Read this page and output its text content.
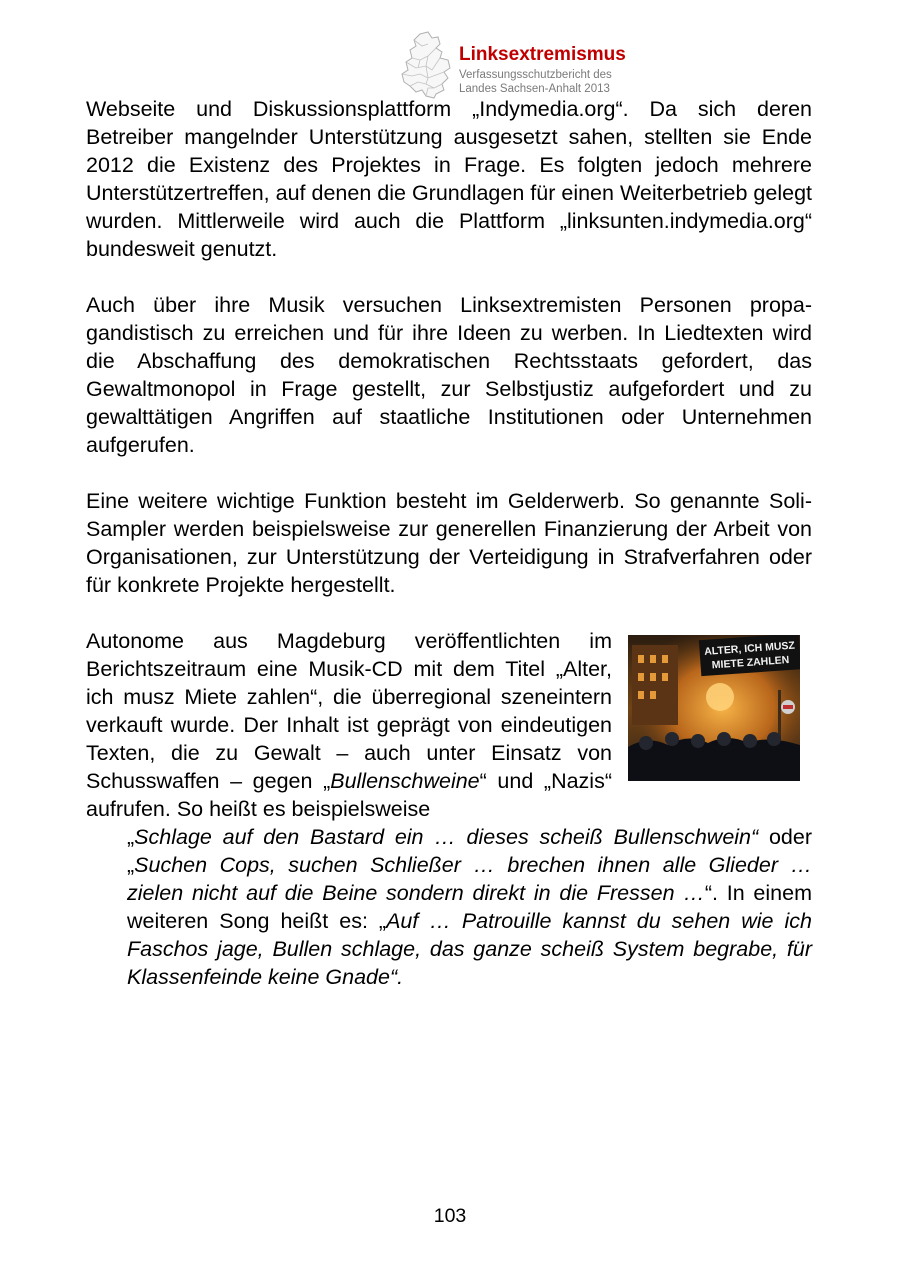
Linksextremismus
Verfassungsschutzbericht des
Landes Sachsen-Anhalt 2013

Webseite und Diskussionsplattform „Indymedia.org“. Da sich deren Betreiber mangelnder Unterstützung ausgesetzt sahen, stellten sie Ende 2012 die Existenz des Projektes in Frage. Es folgten jedoch mehrere Unterstützertreffen, auf denen die Grundlagen für einen Weiterbetrieb gelegt wurden. Mittlerweile wird auch die Plattform „linksunten.indymedia.org“ bundesweit genutzt.

Auch über ihre Musik versuchen Linksextremisten Personen propagandistisch zu erreichen und für ihre Ideen zu werben. In Liedtexten wird die Abschaffung des demokratischen Rechtsstaats gefordert, das Gewaltmonopol in Frage gestellt, zur Selbstjustiz aufgefordert und zu gewalttätigen Angriffen auf staatliche Institutionen oder Unternehmen aufgerufen.

Eine weitere wichtige Funktion besteht im Gelderwerb. So genannte Soli-Sampler werden beispielsweise zur generellen Finanzierung der Arbeit von Organisationen, zur Unterstützung der Verteidigung in Strafverfahren oder für konkrete Projekte hergestellt.

ALTER, ICH MUSZ
MIETE ZAHLEN

Autonome aus Magdeburg veröffentlichten im Berichtszeitraum eine Musik-CD mit dem Titel „Alter, ich musz Miete zahlen“, die überregional szeneintern verkauft wurde. Der Inhalt ist geprägt von eindeutigen Texten, die zu Gewalt – auch unter Einsatz von Schusswaffen – gegen „Bullenschweine“ und „Nazis“ aufrufen. So heißt es beispielsweise

„Schlage auf den Bastard ein … dieses scheiß Bullenschwein“ oder „Suchen Cops, suchen Schließer … brechen ihnen alle Glieder … zielen nicht auf die Beine sondern direkt in die Fressen …“. In einem weiteren Song heißt es: „Auf … Patrouille kannst du sehen wie ich Faschos jage, Bullen schlage, das ganze scheiß System begrabe, für Klassenfeinde keine Gnade“.

103
